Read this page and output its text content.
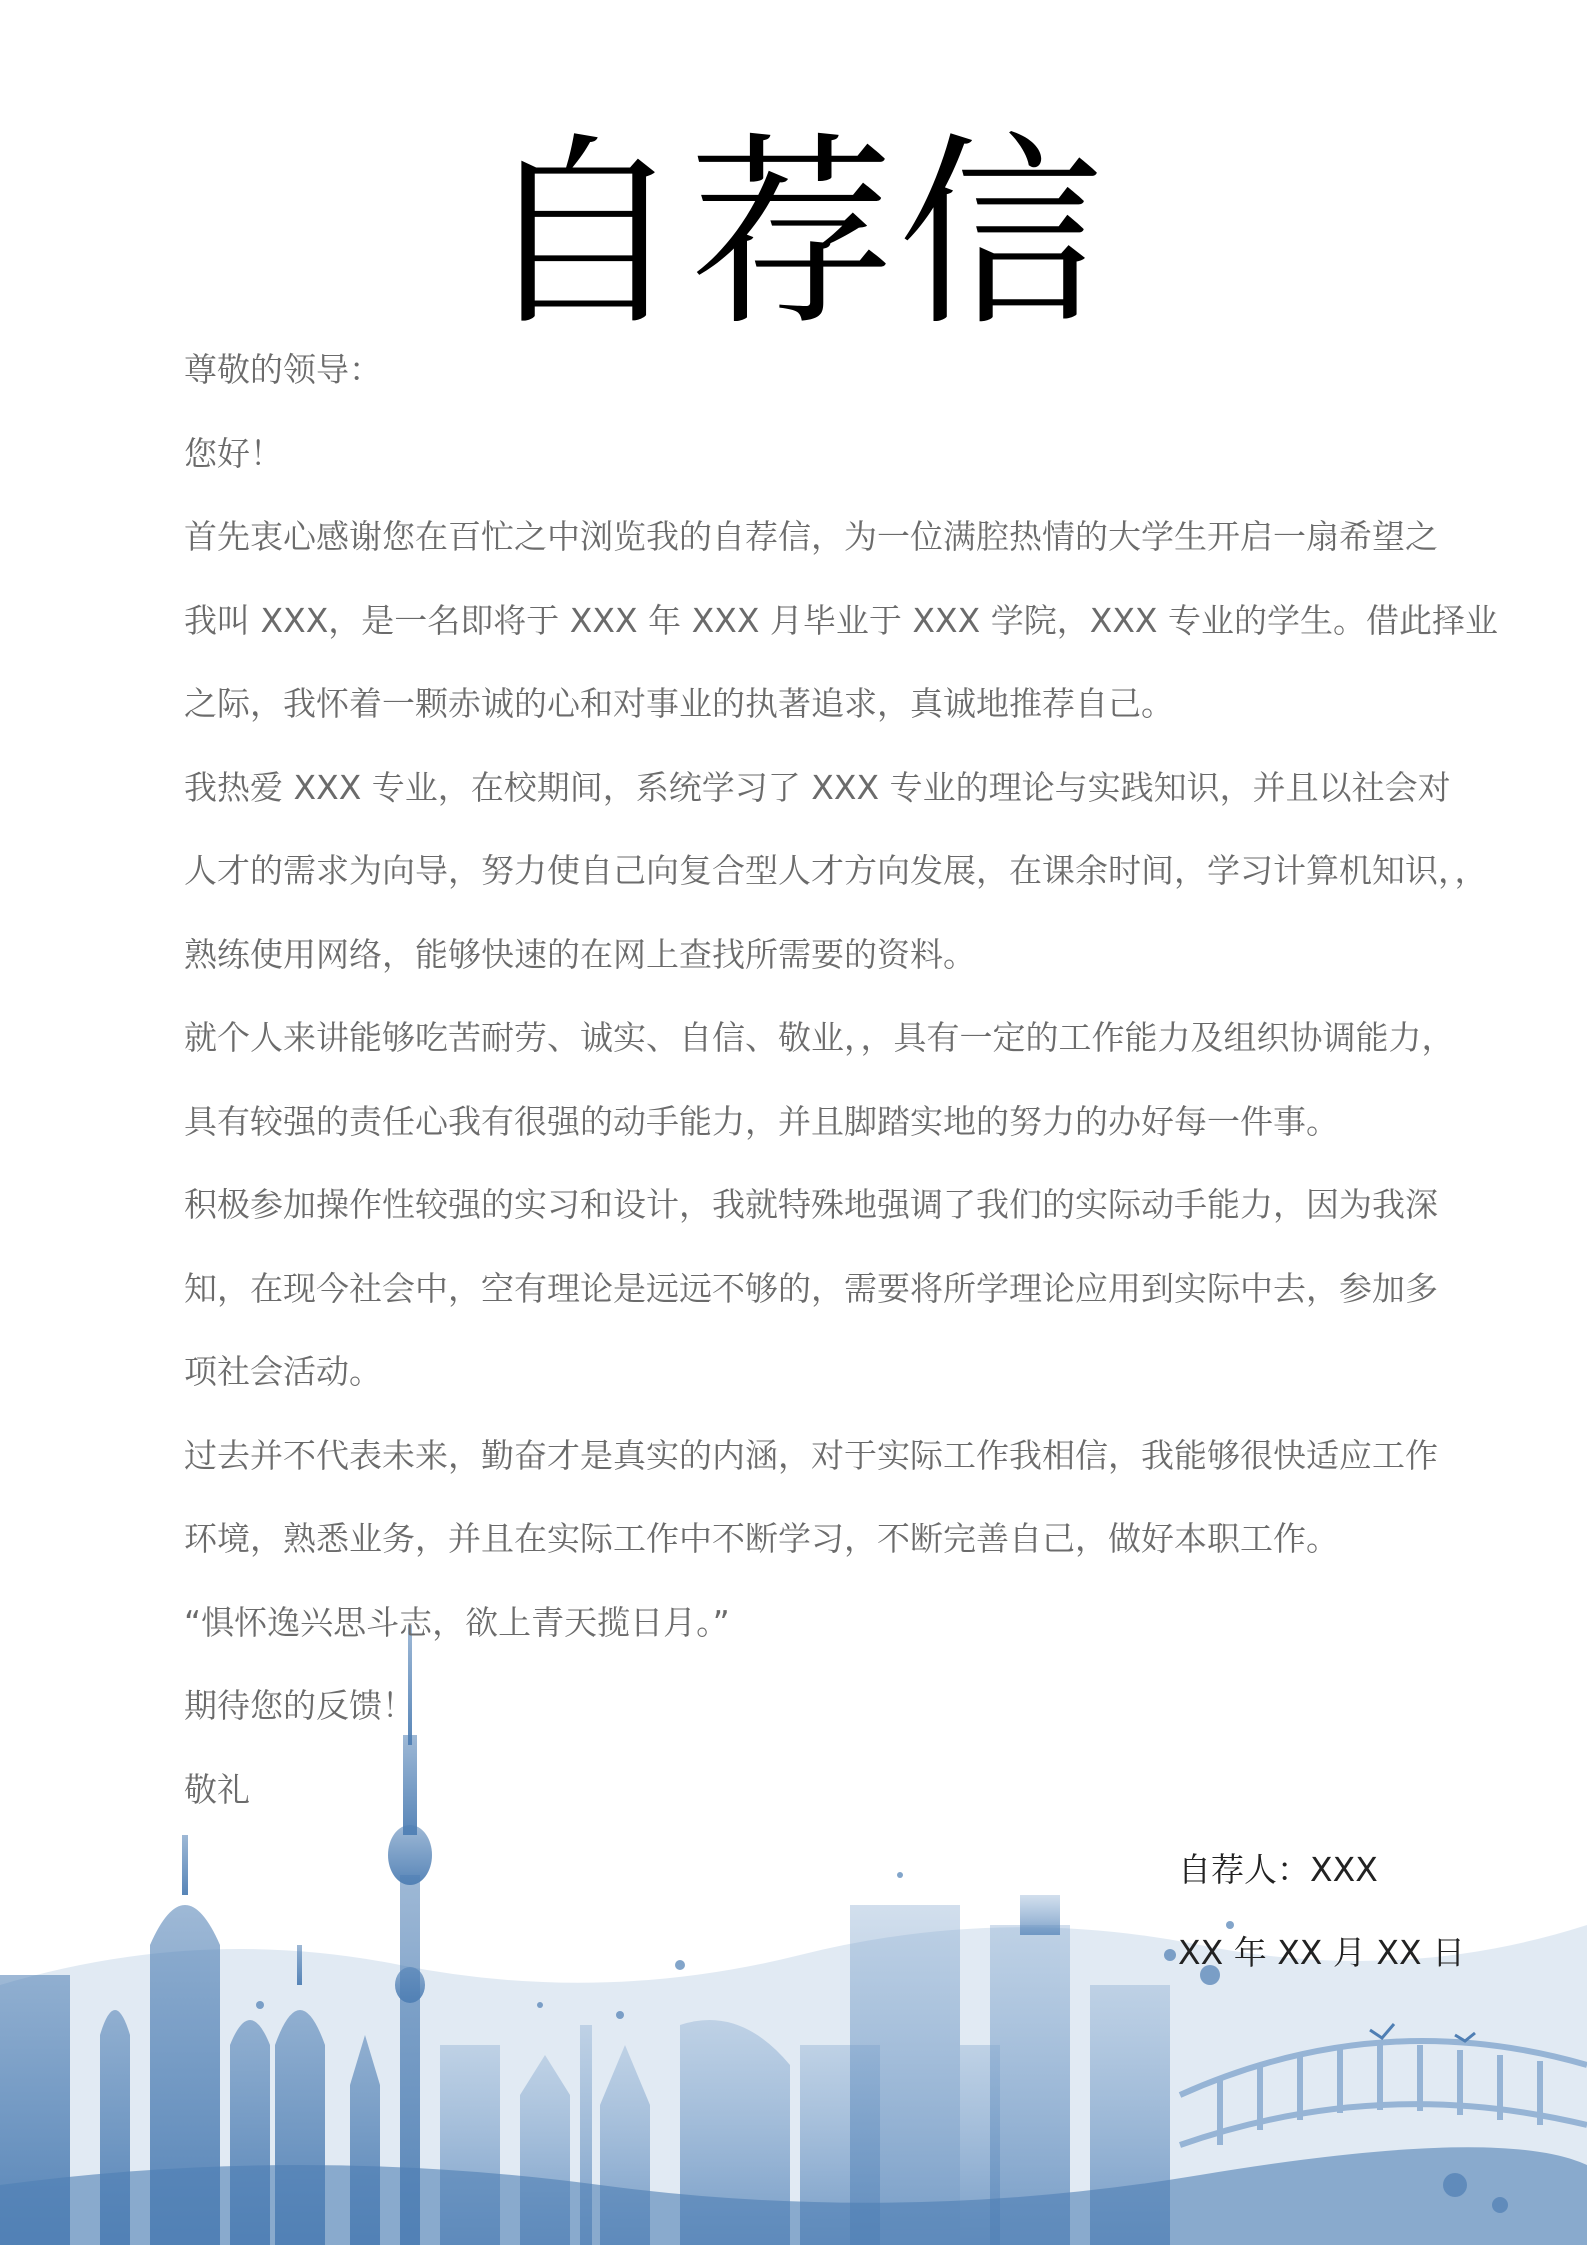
自荐信
尊敬的领导：
您好！
首先衷心感谢您在百忙之中浏览我的自荐信，为一位满腔热情的大学生开启一扇希望之
我叫 XXX，是一名即将于 XXX 年 XXX 月毕业于 XXX 学院，XXX 专业的学生。借此择业
之际，我怀着一颗赤诚的心和对事业的执著追求，真诚地推荐自己。
我热爱 XXX 专业，在校期间，系统学习了 XXX 专业的理论与实践知识，并且以社会对
人才的需求为向导，努力使自己向复合型人才方向发展，在课余时间，学习计算机知识，，
熟练使用网络，能够快速的在网上查找所需要的资料。
就个人来讲能够吃苦耐劳、诚实、自信、敬业，，具有一定的工作能力及组织协调能力，
具有较强的责任心我有很强的动手能力，并且脚踏实地的努力的办好每一件事。
积极参加操作性较强的实习和设计，我就特殊地强调了我们的实际动手能力，因为我深
知，在现今社会中，空有理论是远远不够的，需要将所学理论应用到实际中去，参加多
项社会活动。
过去并不代表未来，勤奋才是真实的内涵，对于实际工作我相信，我能够很快适应工作
环境，熟悉业务，并且在实际工作中不断学习，不断完善自己，做好本职工作。
“惧怀逸兴思斗志，欲上青天揽日月。”
期待您的反馈！
敬礼
自荐人：XXX
XX 年 XX 月 XX 日
